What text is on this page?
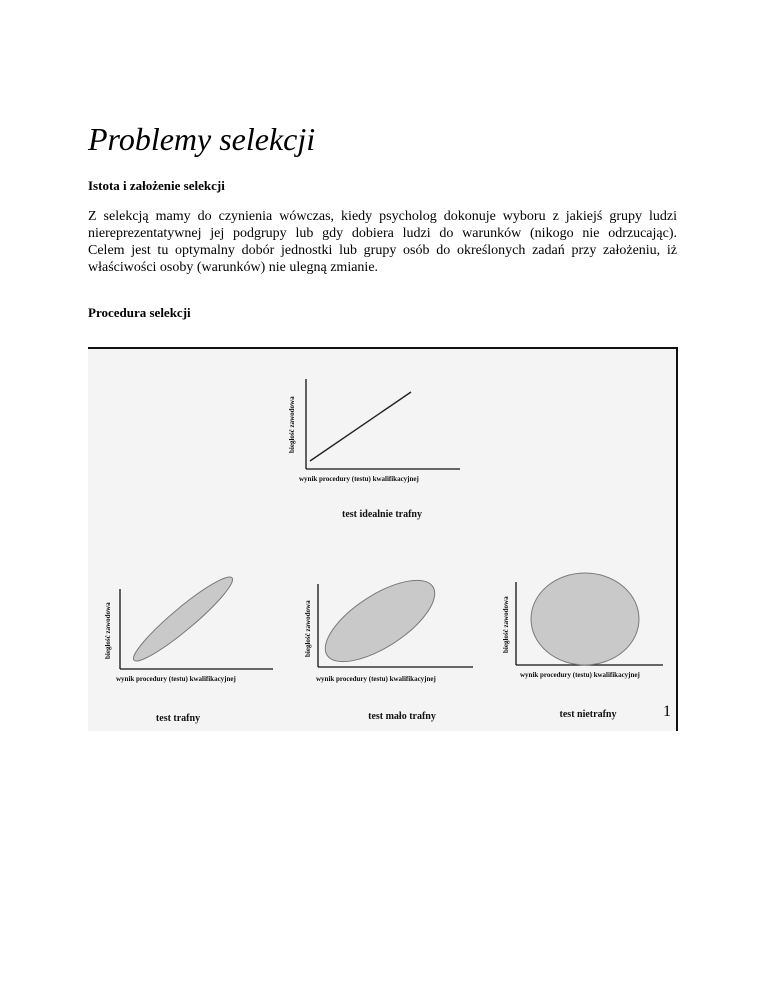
Problemy selekcji
Istota i założenie selekcji

Z selekcją mamy do czynienia wówczas, kiedy psycholog dokonuje wyboru z jakiejś grupy ludzi
niereprezentatywnej jej podgrupy lub gdy dobiera ludzi do warunków (nikogo nie odrzucając).
Celem jest tu optymalny dobór jednostki lub grupy osób do określonych zadań przy założeniu, iż
właściwości osoby (warunków) nie ulegną zmianie.

Procedura selekcji
biegłość zawodowa
wynik procedury (testu) kwalifikacyjnej
test idealnie trafny
biegłość zawodowa
wynik procedury (testu) kwalifikacyjnej
test trafny
biegłość zawodowa
wynik procedury (testu) kwalifikacyjnej
test mało trafny
biegłość zawodowa
wynik procedury (testu) kwalifikacyjnej
test nietrafny	1
